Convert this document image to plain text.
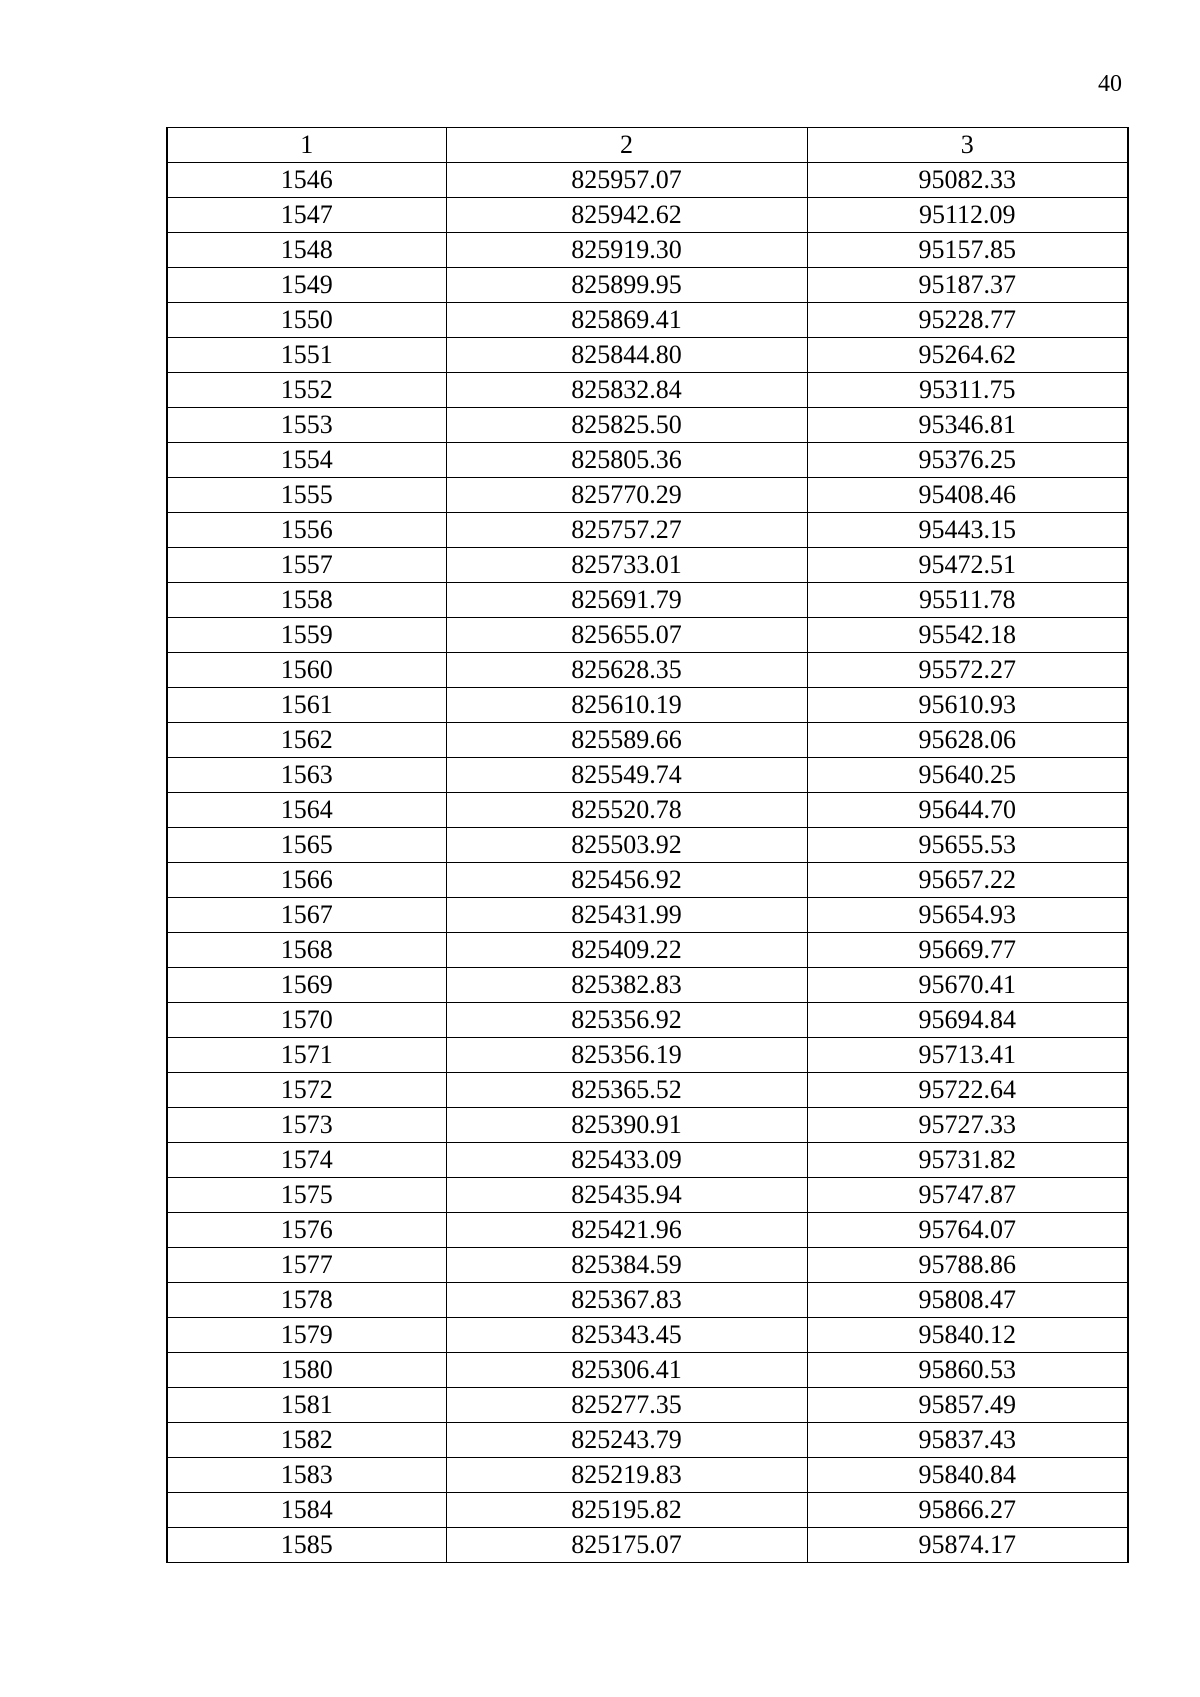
40
1	2	3
1546	825957.07	95082.33
1547	825942.62	95112.09
1548	825919.30	95157.85
1549	825899.95	95187.37
1550	825869.41	95228.77
1551	825844.80	95264.62
1552	825832.84	95311.75
1553	825825.50	95346.81
1554	825805.36	95376.25
1555	825770.29	95408.46
1556	825757.27	95443.15
1557	825733.01	95472.51
1558	825691.79	95511.78
1559	825655.07	95542.18
1560	825628.35	95572.27
1561	825610.19	95610.93
1562	825589.66	95628.06
1563	825549.74	95640.25
1564	825520.78	95644.70
1565	825503.92	95655.53
1566	825456.92	95657.22
1567	825431.99	95654.93
1568	825409.22	95669.77
1569	825382.83	95670.41
1570	825356.92	95694.84
1571	825356.19	95713.41
1572	825365.52	95722.64
1573	825390.91	95727.33
1574	825433.09	95731.82
1575	825435.94	95747.87
1576	825421.96	95764.07
1577	825384.59	95788.86
1578	825367.83	95808.47
1579	825343.45	95840.12
1580	825306.41	95860.53
1581	825277.35	95857.49
1582	825243.79	95837.43
1583	825219.83	95840.84
1584	825195.82	95866.27
1585	825175.07	95874.17
